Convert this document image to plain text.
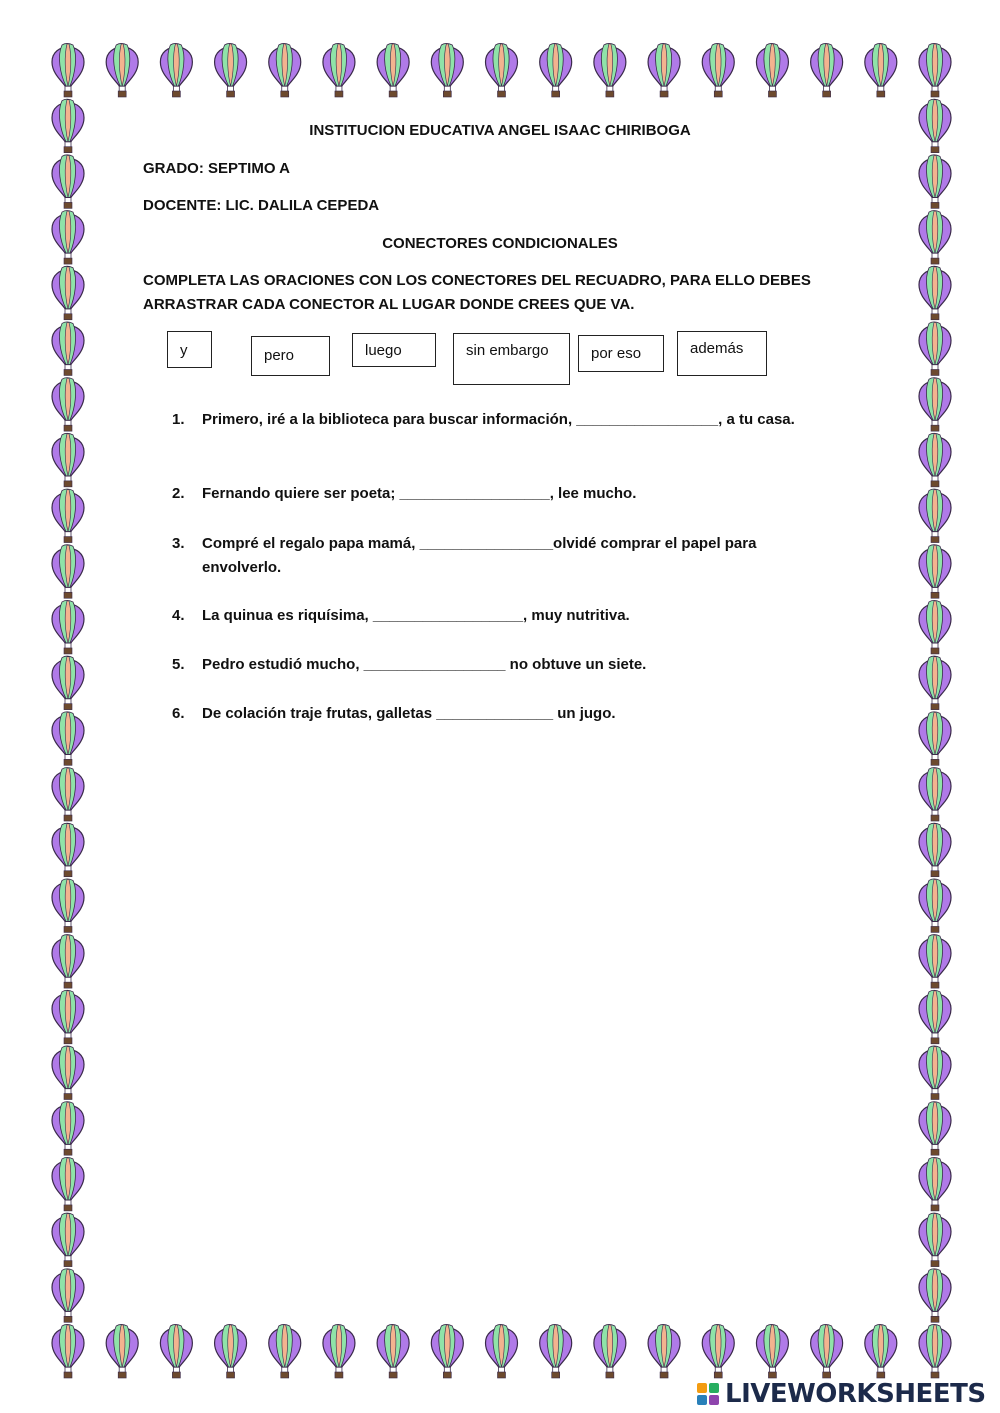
INSTITUCION EDUCATIVA ANGEL ISAAC CHIRIBOGA
GRADO: SEPTIMO A
DOCENTE: LIC. DALILA CEPEDA
CONECTORES CONDICIONALES
COMPLETA LAS ORACIONES CON LOS CONECTORES DEL RECUADRO, PARA ELLO DEBES
ARRASTRAR CADA CONECTOR AL LUGAR DONDE CREES QUE VA.
y	pero	luego	sin embargo	por eso	además
1. Primero, iré a la biblioteca para buscar información, _________________, a tu casa.
2. Fernando quiere ser poeta; __________________, lee mucho.
3. Compré el regalo papa mamá, ________________olvidé comprar el papel para
envolverlo.
4. La quinua es riquísima, __________________, muy nutritiva.
5. Pedro estudió mucho, _________________ no obtuve un siete.
6. De colación traje frutas, galletas ______________ un jugo.
LIVEWORKSHEETS
